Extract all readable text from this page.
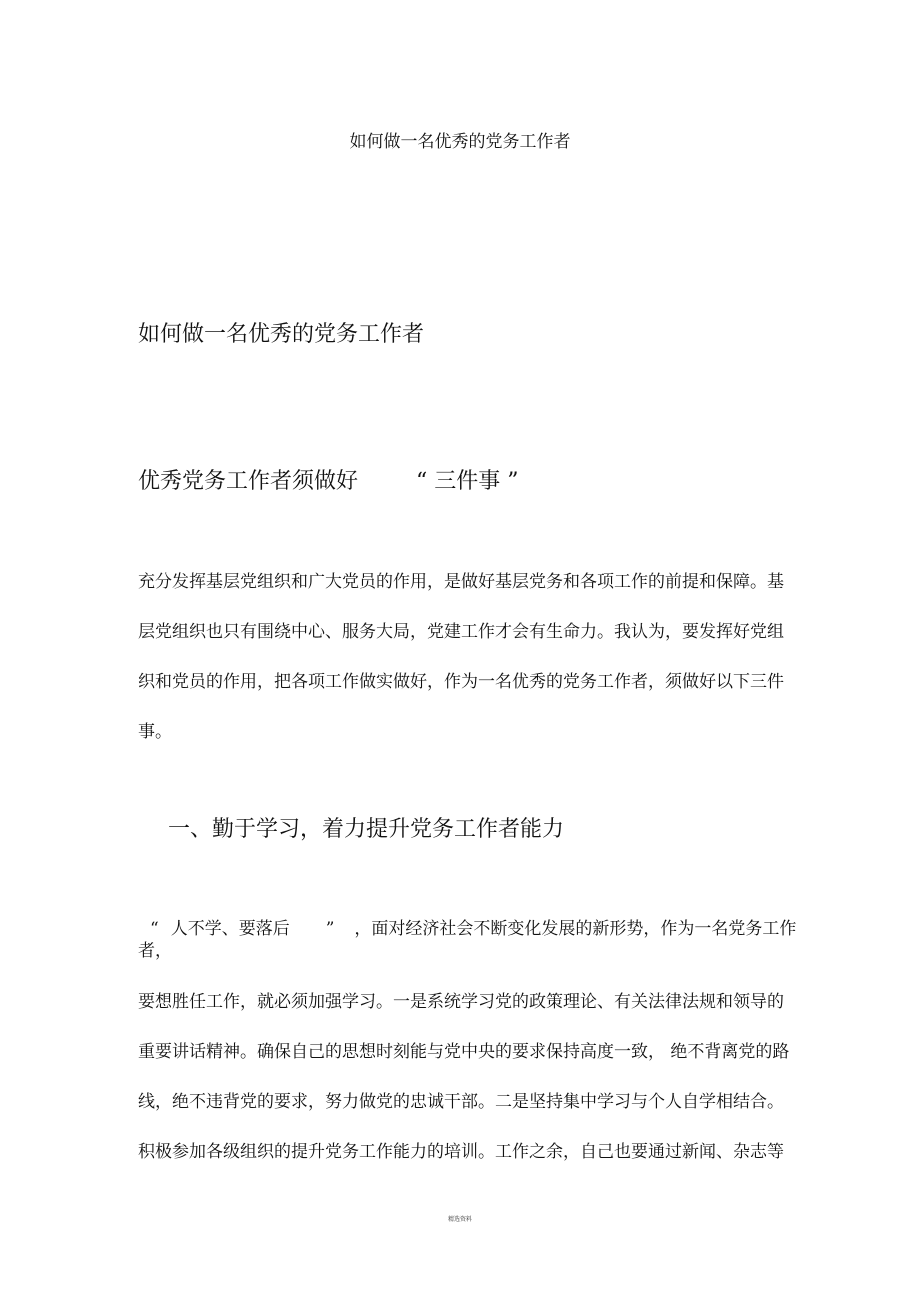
如何做一名优秀的党务工作者
如何做一名优秀的党务工作者
优秀党务工作者须做好	“ 三件事 ”
充分发挥基层党组织和广大党员的作用，是做好基层党务和各项工作的前提和保障。基
层党组织也只有围绕中心、服务大局，党建工作才会有生命力。我认为，要发挥好党组
织和党员的作用，把各项工作做实做好，作为一名优秀的党务工作者，须做好以下三件
事。
一、勤于学习，着力提升党务工作者能力
“ 人不学、要落后 ” ，面对经济社会不断变化发展的新形势，作为一名党务工作
者，
要想胜任工作，就必须加强学习。一是系统学习党的政策理论、有关法律法规和领导的
重要讲话精神。确保自己的思想时刻能与党中央的要求保持高度一致， 绝不背离党的路
线，绝不违背党的要求，努力做党的忠诚干部。二是坚持集中学习与个人自学相结合。
积极参加各级组织的提升党务工作能力的培训。工作之余，自己也要通过新闻、杂志等
精选资料
